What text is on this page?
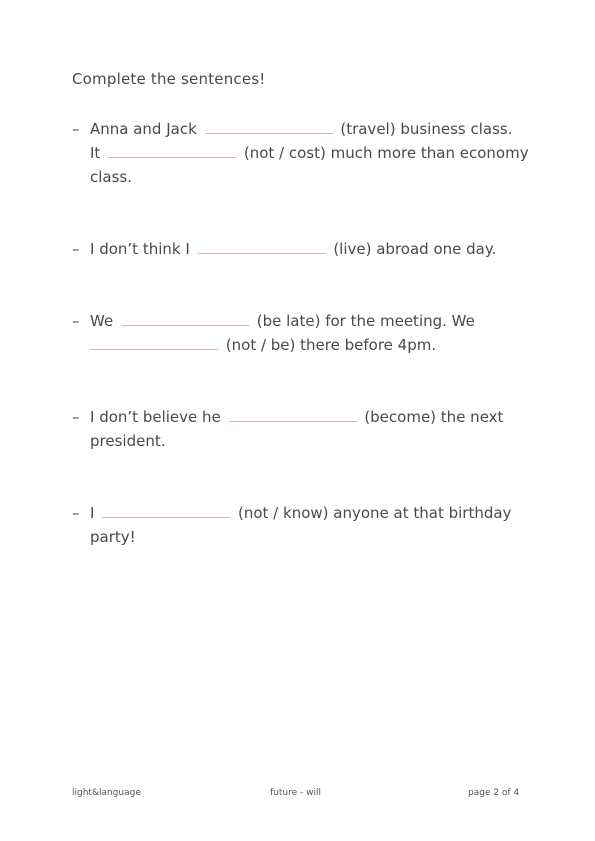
Complete the sentences!
– Anna and Jack	(travel) business class.
It	(not / cost) much more than economy
class.
– I don’t think I	(live) abroad one day.
– We	(be late) for the meeting. We
(not / be) there before 4pm.
– I don’t believe he	(become) the next
president.
– I	(not / know) anyone at that birthday
party!
light&language	future - will	page 2 of 4
